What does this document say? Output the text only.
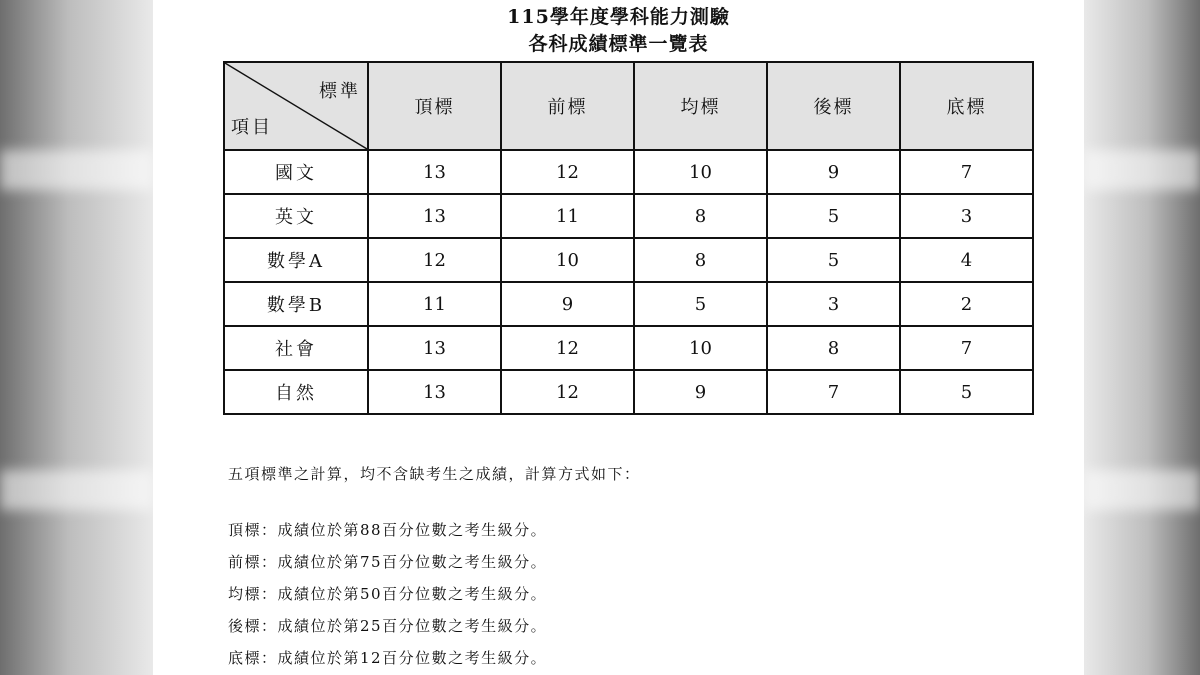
115學年度學科能力測驗
各科成績標準一覽表
標準
項目	頂標	前標	均標	後標	底標
國文	13	12	10	9	7
英文	13	11	8	5	3
數學A	12	10	8	5	4
數學B	11	9	5	3	2
社會	13	12	10	8	7
自然	13	12	9	7	5
五項標準之計算，均不含缺考生之成績，計算方式如下：
頂標：成績位於第88百分位數之考生級分。
前標：成績位於第75百分位數之考生級分。
均標：成績位於第50百分位數之考生級分。
後標：成績位於第25百分位數之考生級分。
底標：成績位於第12百分位數之考生級分。
